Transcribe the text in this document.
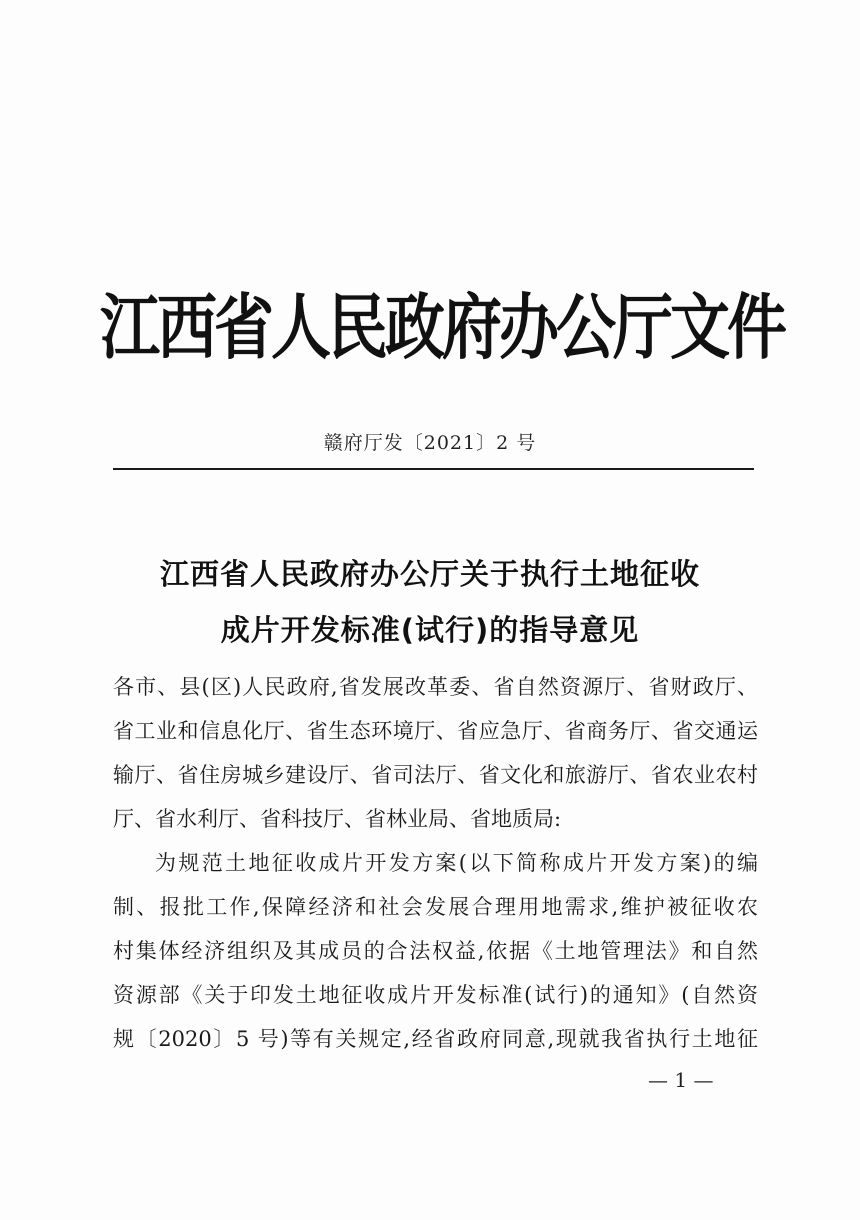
江西省人民政府办公厅文件
赣府厅发〔2021〕2 号
江西省人民政府办公厅关于执行土地征收
成片开发标准(试行)的指导意见
各市、县(区)人民政府,省发展改革委、省自然资源厅、省财政厅、
省工业和信息化厅、省生态环境厅、省应急厅、省商务厅、省交通运
输厅、省住房城乡建设厅、省司法厅、省文化和旅游厅、省农业农村
厅、省水利厅、省科技厅、省林业局、省地质局:
为规范土地征收成片开发方案(以下简称成片开发方案)的编
制、报批工作,保障经济和社会发展合理用地需求,维护被征收农
村集体经济组织及其成员的合法权益,依据《土地管理法》和自然
资源部《关于印发土地征收成片开发标准(试行)的通知》(自然资
规〔2020〕5 号)等有关规定,经省政府同意,现就我省执行土地征
— 1 —
